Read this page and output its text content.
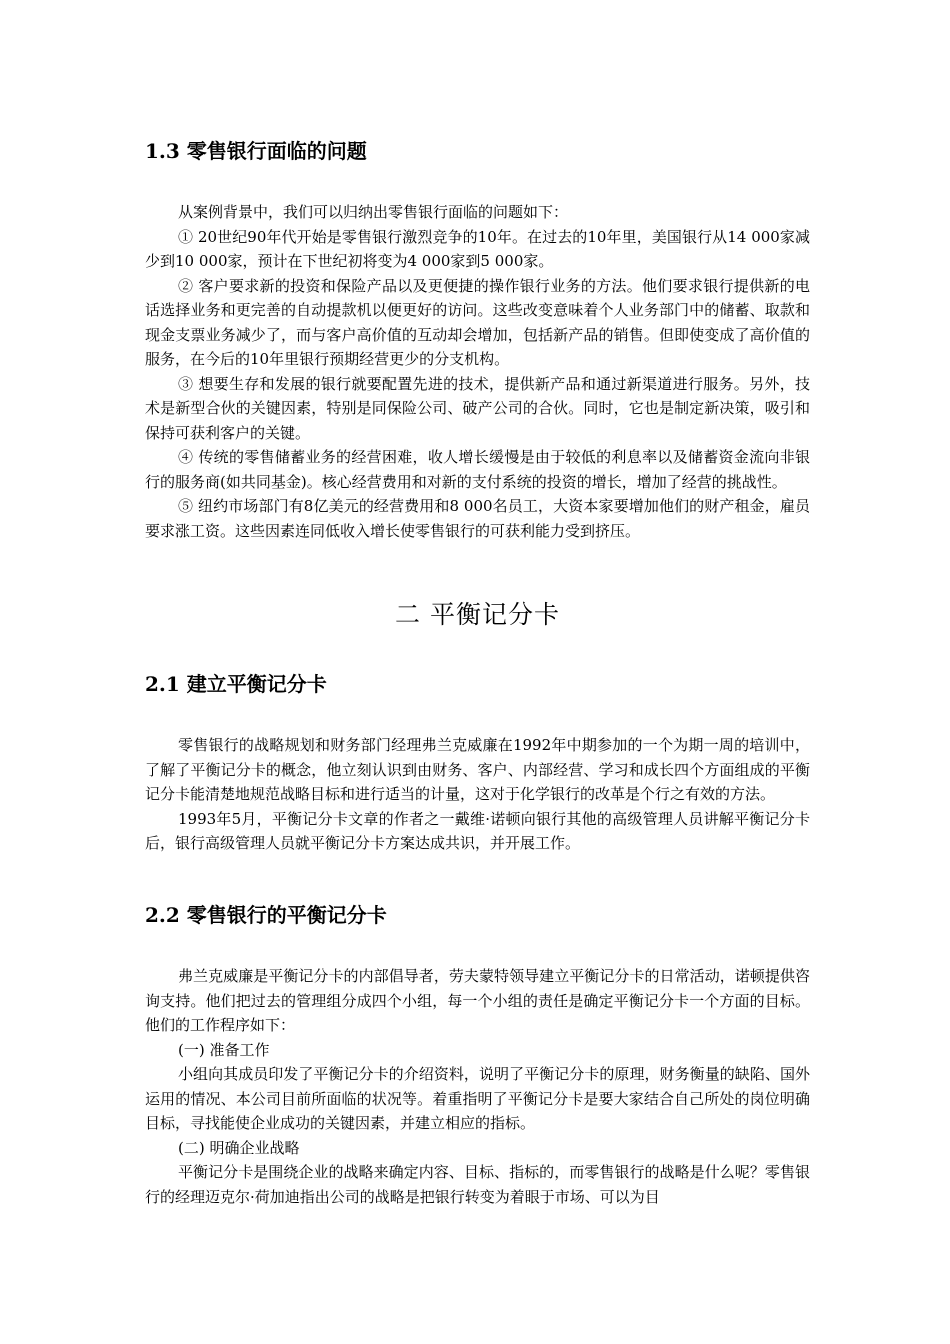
1.3 零售银行面临的问题

从案例背景中，我们可以归纳出零售银行面临的问题如下：

① 20世纪90年代开始是零售银行激烈竞争的10年。在过去的10年里，美国银行从14 000家减少到10 000家，预计在下世纪初将变为4 000家到5 000家。

② 客户要求新的投资和保险产品以及更便捷的操作银行业务的方法。他们要求银行提供新的电话选择业务和更完善的自动提款机以便更好的访问。这些改变意味着个人业务部门中的储蓄、取款和现金支票业务减少了，而与客户高价值的互动却会增加，包括新产品的销售。但即使变成了高价值的服务，在今后的10年里银行预期经营更少的分支机构。

③ 想要生存和发展的银行就要配置先进的技术，提供新产品和通过新渠道进行服务。另外，技术是新型合伙的关键因素，特别是同保险公司、破产公司的合伙。同时，它也是制定新决策，吸引和保持可获利客户的关键。

④ 传统的零售储蓄业务的经营困难，收人增长缓慢是由于较低的利息率以及储蓄资金流向非银行的服务商(如共同基金)。核心经营费用和对新的支付系统的投资的增长，增加了经营的挑战性。

⑤ 纽约市场部门有8亿美元的经营费用和8 000名员工，大资本家要增加他们的财产租金，雇员要求涨工资。这些因素连同低收入增长使零售银行的可获利能力受到挤压。

二 平衡记分卡
2.1 建立平衡记分卡

零售银行的战略规划和财务部门经理弗兰克威廉在1992年中期参加的一个为期一周的培训中，了解了平衡记分卡的概念，他立刻认识到由财务、客户、内部经营、学习和成长四个方面组成的平衡记分卡能清楚地规范战略目标和进行适当的计量，这对于化学银行的改革是个行之有效的方法。

1993年5月，平衡记分卡文章的作者之一戴维·诺顿向银行其他的高级管理人员讲解平衡记分卡后，银行高级管理人员就平衡记分卡方案达成共识，并开展工作。

2.2 零售银行的平衡记分卡

弗兰克威廉是平衡记分卡的内部倡导者，劳夫蒙特领导建立平衡记分卡的日常活动，诺顿提供咨询支持。他们把过去的管理组分成四个小组，每一个小组的责任是确定平衡记分卡一个方面的目标。他们的工作程序如下：

(一) 准备工作

小组向其成员印发了平衡记分卡的介绍资料，说明了平衡记分卡的原理，财务衡量的缺陷、国外运用的情况、本公司目前所面临的状况等。着重指明了平衡记分卡是要大家结合自己所处的岗位明确目标，寻找能使企业成功的关键因素，并建立相应的指标。

(二) 明确企业战略

平衡记分卡是围绕企业的战略来确定内容、目标、指标的，而零售银行的战略是什么呢？零售银行的经理迈克尔·荷加迪指出公司的战略是把银行转变为着眼于市场、可以为目
